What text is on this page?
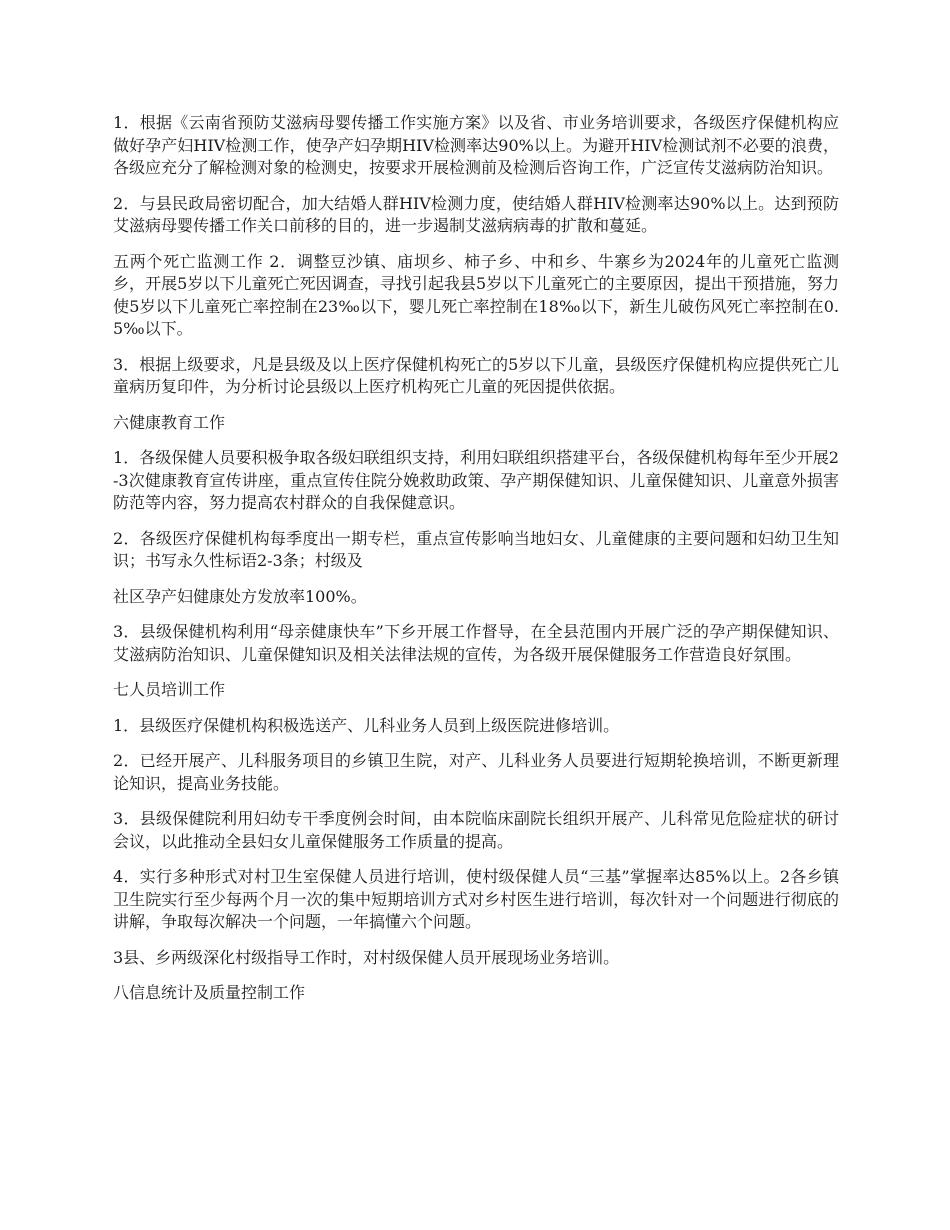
1．根据《云南省预防艾滋病母婴传播工作实施方案》以及省、市业务培训要求，各级医疗保健机构应做好孕产妇HIV检测工作，使孕产妇孕期HIV检测率达90%以上。为避开HIV检测试剂不必要的浪费，各级应充分了解检测对象的检测史，按要求开展检测前及检测后咨询工作，广泛宣传艾滋病防治知识。

2．与县民政局密切配合，加大结婚人群HIV检测力度，使结婚人群HIV检测率达90%以上。达到预防艾滋病母婴传播工作关口前移的目的，进一步遏制艾滋病病毒的扩散和蔓延。

五两个死亡监测工作 2．调整豆沙镇、庙坝乡、柿子乡、中和乡、牛寨乡为2024年的儿童死亡监测乡，开展5岁以下儿童死亡死因调查，寻找引起我县5岁以下儿童死亡的主要原因，提出干预措施，努力使5岁以下儿童死亡率控制在23‰以下，婴儿死亡率控制在18‰以下，新生儿破伤风死亡率控制在0.5‰以下。

3．根据上级要求，凡是县级及以上医疗保健机构死亡的5岁以下儿童，县级医疗保健机构应提供死亡儿童病历复印件，为分析讨论县级以上医疗机构死亡儿童的死因提供依据。

六健康教育工作

1．各级保健人员要积极争取各级妇联组织支持，利用妇联组织搭建平台，各级保健机构每年至少开展2-3次健康教育宣传讲座，重点宣传住院分娩救助政策、孕产期保健知识、儿童保健知识、儿童意外损害防范等内容，努力提高农村群众的自我保健意识。

2．各级医疗保健机构每季度出一期专栏，重点宣传影响当地妇女、儿童健康的主要问题和妇幼卫生知识；书写永久性标语2-3条；村级及

社区孕产妇健康处方发放率100%。

3．县级保健机构利用“母亲健康快车”下乡开展工作督导，在全县范围内开展广泛的孕产期保健知识、艾滋病防治知识、儿童保健知识及相关法律法规的宣传，为各级开展保健服务工作营造良好氛围。

七人员培训工作

1．县级医疗保健机构积极选送产、儿科业务人员到上级医院进修培训。

2．已经开展产、儿科服务项目的乡镇卫生院，对产、儿科业务人员要进行短期轮换培训，不断更新理论知识，提高业务技能。

3．县级保健院利用妇幼专干季度例会时间，由本院临床副院长组织开展产、儿科常见危险症状的研讨会议，以此推动全县妇女儿童保健服务工作质量的提高。

4．实行多种形式对村卫生室保健人员进行培训，使村级保健人员“三基”掌握率达85%以上。2各乡镇卫生院实行至少每两个月一次的集中短期培训方式对乡村医生进行培训，每次针对一个问题进行彻底的讲解，争取每次解决一个问题，一年搞懂六个问题。

3县、乡两级深化村级指导工作时，对村级保健人员开展现场业务培训。

八信息统计及质量控制工作
